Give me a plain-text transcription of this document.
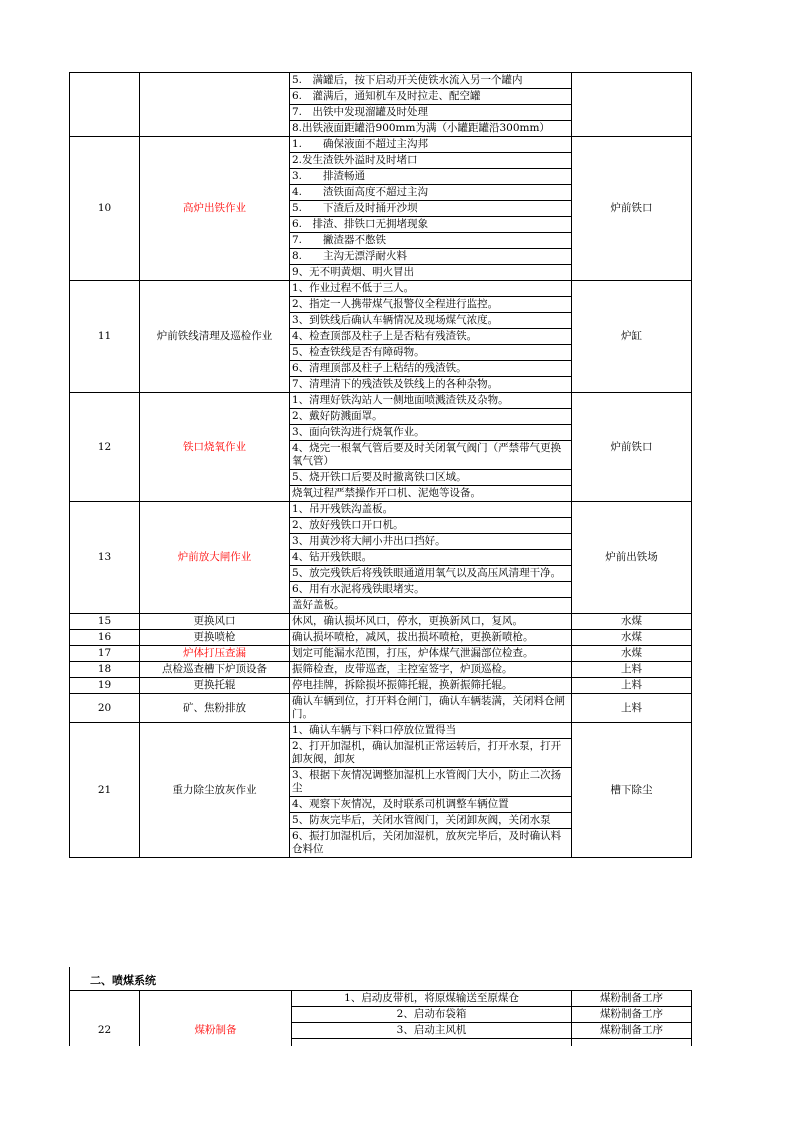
		5.　满罐后，按下启动开关使铁水流入另一个罐内	
		6.　灌满后，通知机车及时拉走、配空罐	
		7.　出铁中发现溜罐及时处理	
		8.出铁液面距罐沿900mm为满（小罐距罐沿300mm）	
10	高炉出铁作业	1.　　确保液面不超过主沟邦	炉前铁口
		2.发生渣铁外溢时及时堵口	
		3.　　排渣畅通	
		4.　　渣铁面高度不超过主沟	
		5.　　下渣后及时捅开沙坝	
		6.　排渣、排铁口无拥堵现象	
		7.　　撇渣器不憋铁	
		8.　　主沟无漂浮耐火料	
		9、无不明黄烟、明火冒出	
11	炉前铁线清理及巡检作业	1、作业过程不低于三人。	炉缸
		2、指定一人携带煤气报警仪全程进行监控。	
		3、到铁线后确认车辆情况及现场煤气浓度。	
		4、检查顶部及柱子上是否粘有残渣铁。	
		5、检查铁线是否有障碍物。	
		6、清理顶部及柱子上粘结的残渣铁。	
		7、清理清下的残渣铁及铁线上的各种杂物。	
12	铁口烧氧作业	1、清理好铁沟站人一侧地面喷溅渣铁及杂物。	炉前铁口
		2、戴好防溅面罩。	
		3、面向铁沟进行烧氧作业。	
		4、烧完一根氧气管后要及时关闭氧气阀门（严禁带气更换氧气管）	
		5、烧开铁口后要及时撤离铁口区域。	
		烧氧过程严禁操作开口机、泥炮等设备。	
13	炉前放大闸作业	1、吊开残铁沟盖板。	炉前出铁场
		2、放好残铁口开口机。	
		3、用黄沙将大闸小井出口挡好。	
		4、钻开残铁眼。	
		5、放完残铁后将残铁眼通道用氧气以及高压风清理干净。	
		6、用有水泥将残铁眼堵实。	
		盖好盖板。	
15	更换风口	休风，确认损坏风口，停水，更换新风口，复风。	水煤
16	更换喷枪	确认损坏喷枪，减风，拔出损坏喷枪，更换新喷枪。	水煤
17	炉体打压查漏	划定可能漏水范围，打压，炉体煤气泄漏部位检查。	水煤
18	点检巡查槽下炉顶设备	振筛检查，皮带巡查，主控室签字，炉顶巡检。	上料
19	更换托辊	停电挂牌，拆除损坏振筛托辊，换新振筛托辊。	上料
20	矿、焦粉排放	确认车辆到位，打开料仓闸门，确认车辆装满，关闭料仓闸门。	上料
21	重力除尘放灰作业	1、确认车辆与下料口停放位置得当	槽下除尘
		2、打开加湿机，确认加湿机正常运转后，打开水泵，打开卸灰阀，卸灰	
		3、根据下灰情况调整加湿机上水管阀门大小，防止二次扬尘	
		4、观察下灰情况，及时联系司机调整车辆位置	
		5、防灰完毕后，关闭水管阀门，关闭卸灰阀，关闭水泵	
		6、振打加湿机后，关闭加湿机，放灰完毕后，及时确认料仓料位	
二、喷煤系统
22	煤粉制备	1、启动皮带机，将原煤输送至原煤仓	煤粉制备工序
		2、启动布袋箱	煤粉制备工序
		3、启动主风机	煤粉制备工序
